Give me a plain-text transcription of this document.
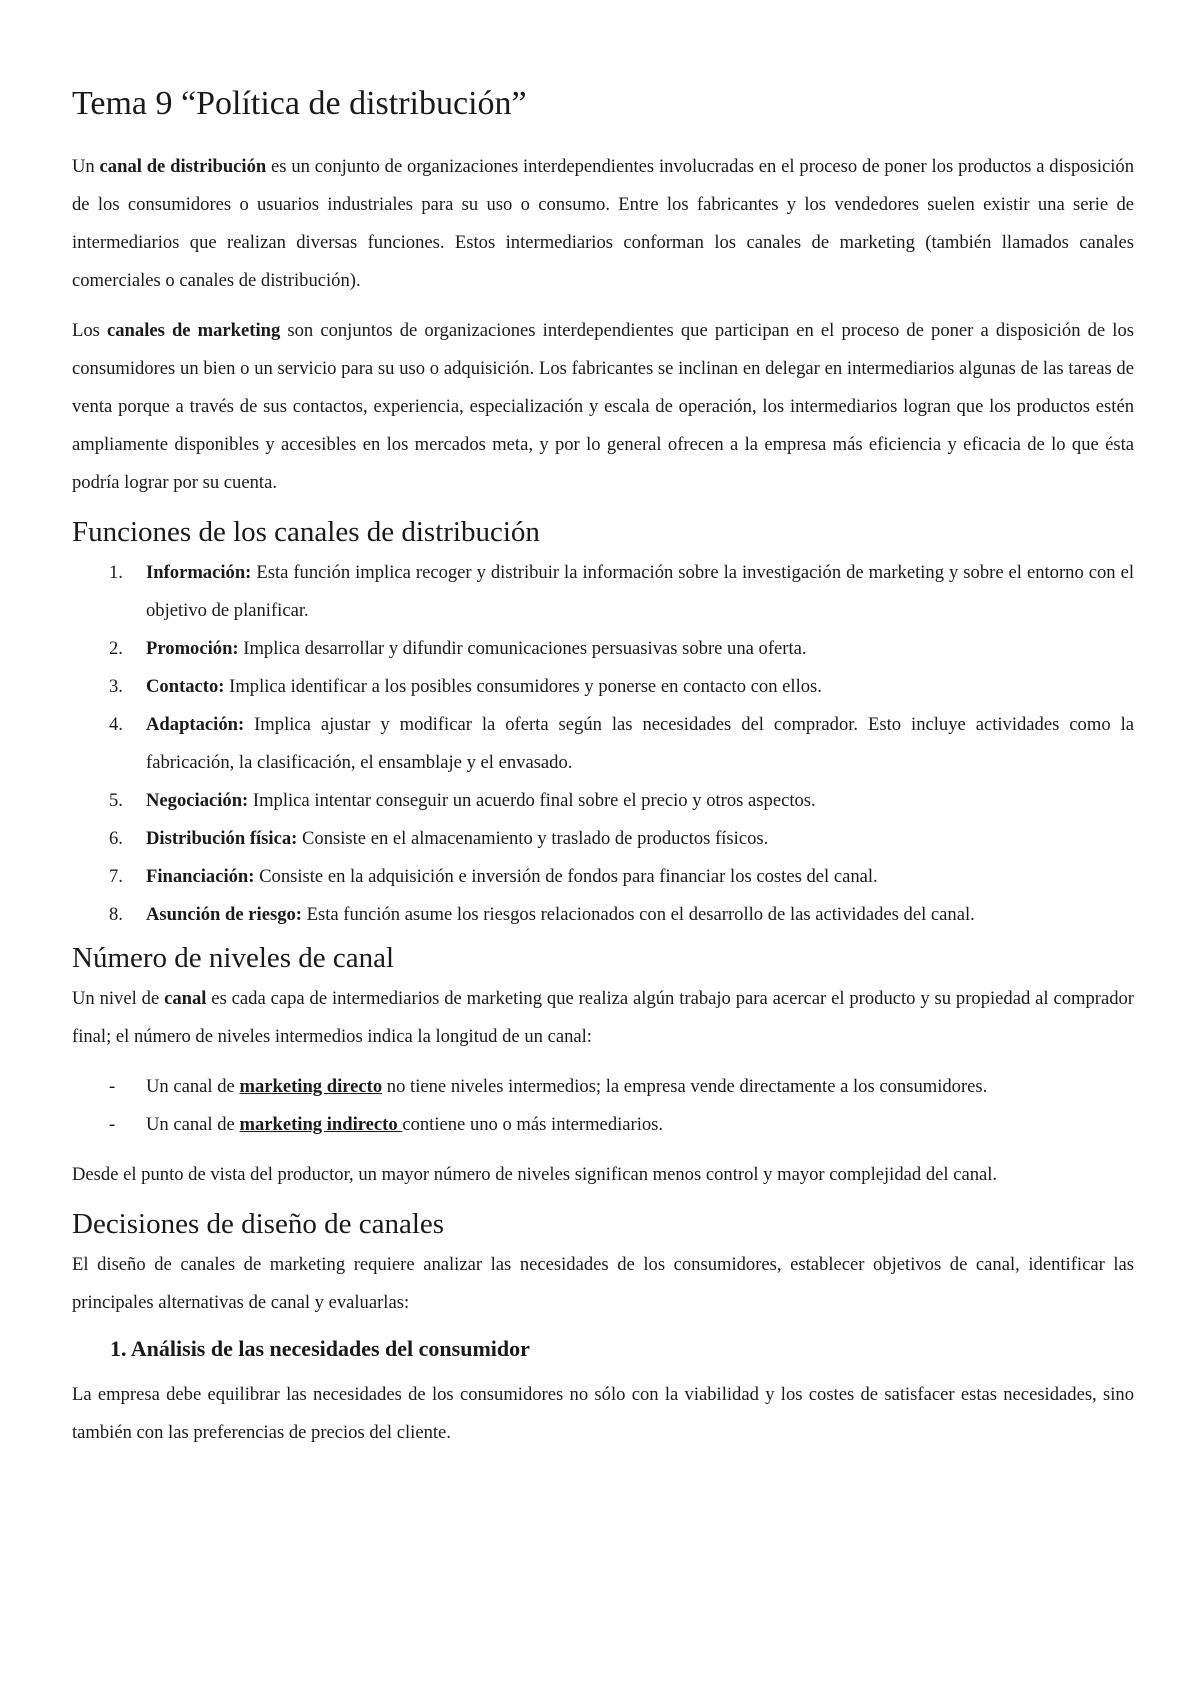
Tema 9 “Política de distribución”

Un canal de distribución es un conjunto de organizaciones interdependientes involucradas en el proceso de poner los productos a disposición de los consumidores o usuarios industriales para su uso o consumo. Entre los fabricantes y los vendedores suelen existir una serie de intermediarios que realizan diversas funciones. Estos intermediarios conforman los canales de marketing (también llamados canales comerciales o canales de distribución).

Los canales de marketing son conjuntos de organizaciones interdependientes que participan en el proceso de poner a disposición de los consumidores un bien o un servicio para su uso o adquisición. Los fabricantes se inclinan en delegar en intermediarios algunas de las tareas de venta porque a través de sus contactos, experiencia, especialización y escala de operación, los intermediarios logran que los productos estén ampliamente disponibles y accesibles en los mercados meta, y por lo general ofrecen a la empresa más eficiencia y eficacia de lo que ésta podría lograr por su cuenta.

Funciones de los canales de distribución
1. Información: Esta función implica recoger y distribuir la información sobre la investigación de marketing y sobre el entorno con el objetivo de planificar.
2. Promoción: Implica desarrollar y difundir comunicaciones persuasivas sobre una oferta.
3. Contacto: Implica identificar a los posibles consumidores y ponerse en contacto con ellos.
4. Adaptación: Implica ajustar y modificar la oferta según las necesidades del comprador. Esto incluye actividades como la fabricación, la clasificación, el ensamblaje y el envasado.
5. Negociación: Implica intentar conseguir un acuerdo final sobre el precio y otros aspectos.
6. Distribución física: Consiste en el almacenamiento y traslado de productos físicos.
7. Financiación: Consiste en la adquisición e inversión de fondos para financiar los costes del canal.
8. Asunción de riesgo: Esta función asume los riesgos relacionados con el desarrollo de las actividades del canal.
Número de niveles de canal

Un nivel de canal es cada capa de intermediarios de marketing que realiza algún trabajo para acercar el producto y su propiedad al comprador final; el número de niveles intermedios indica la longitud de un canal:

- Un canal de marketing directo no tiene niveles intermedios; la empresa vende directamente a los consumidores.
- Un canal de marketing indirecto contiene uno o más intermediarios.

Desde el punto de vista del productor, un mayor número de niveles significan menos control y mayor complejidad del canal.

Decisiones de diseño de canales

El diseño de canales de marketing requiere analizar las necesidades de los consumidores, establecer objetivos de canal, identificar las principales alternativas de canal y evaluarlas:

1. Análisis de las necesidades del consumidor

La empresa debe equilibrar las necesidades de los consumidores no sólo con la viabilidad y los costes de satisfacer estas necesidades, sino también con las preferencias de precios del cliente.
